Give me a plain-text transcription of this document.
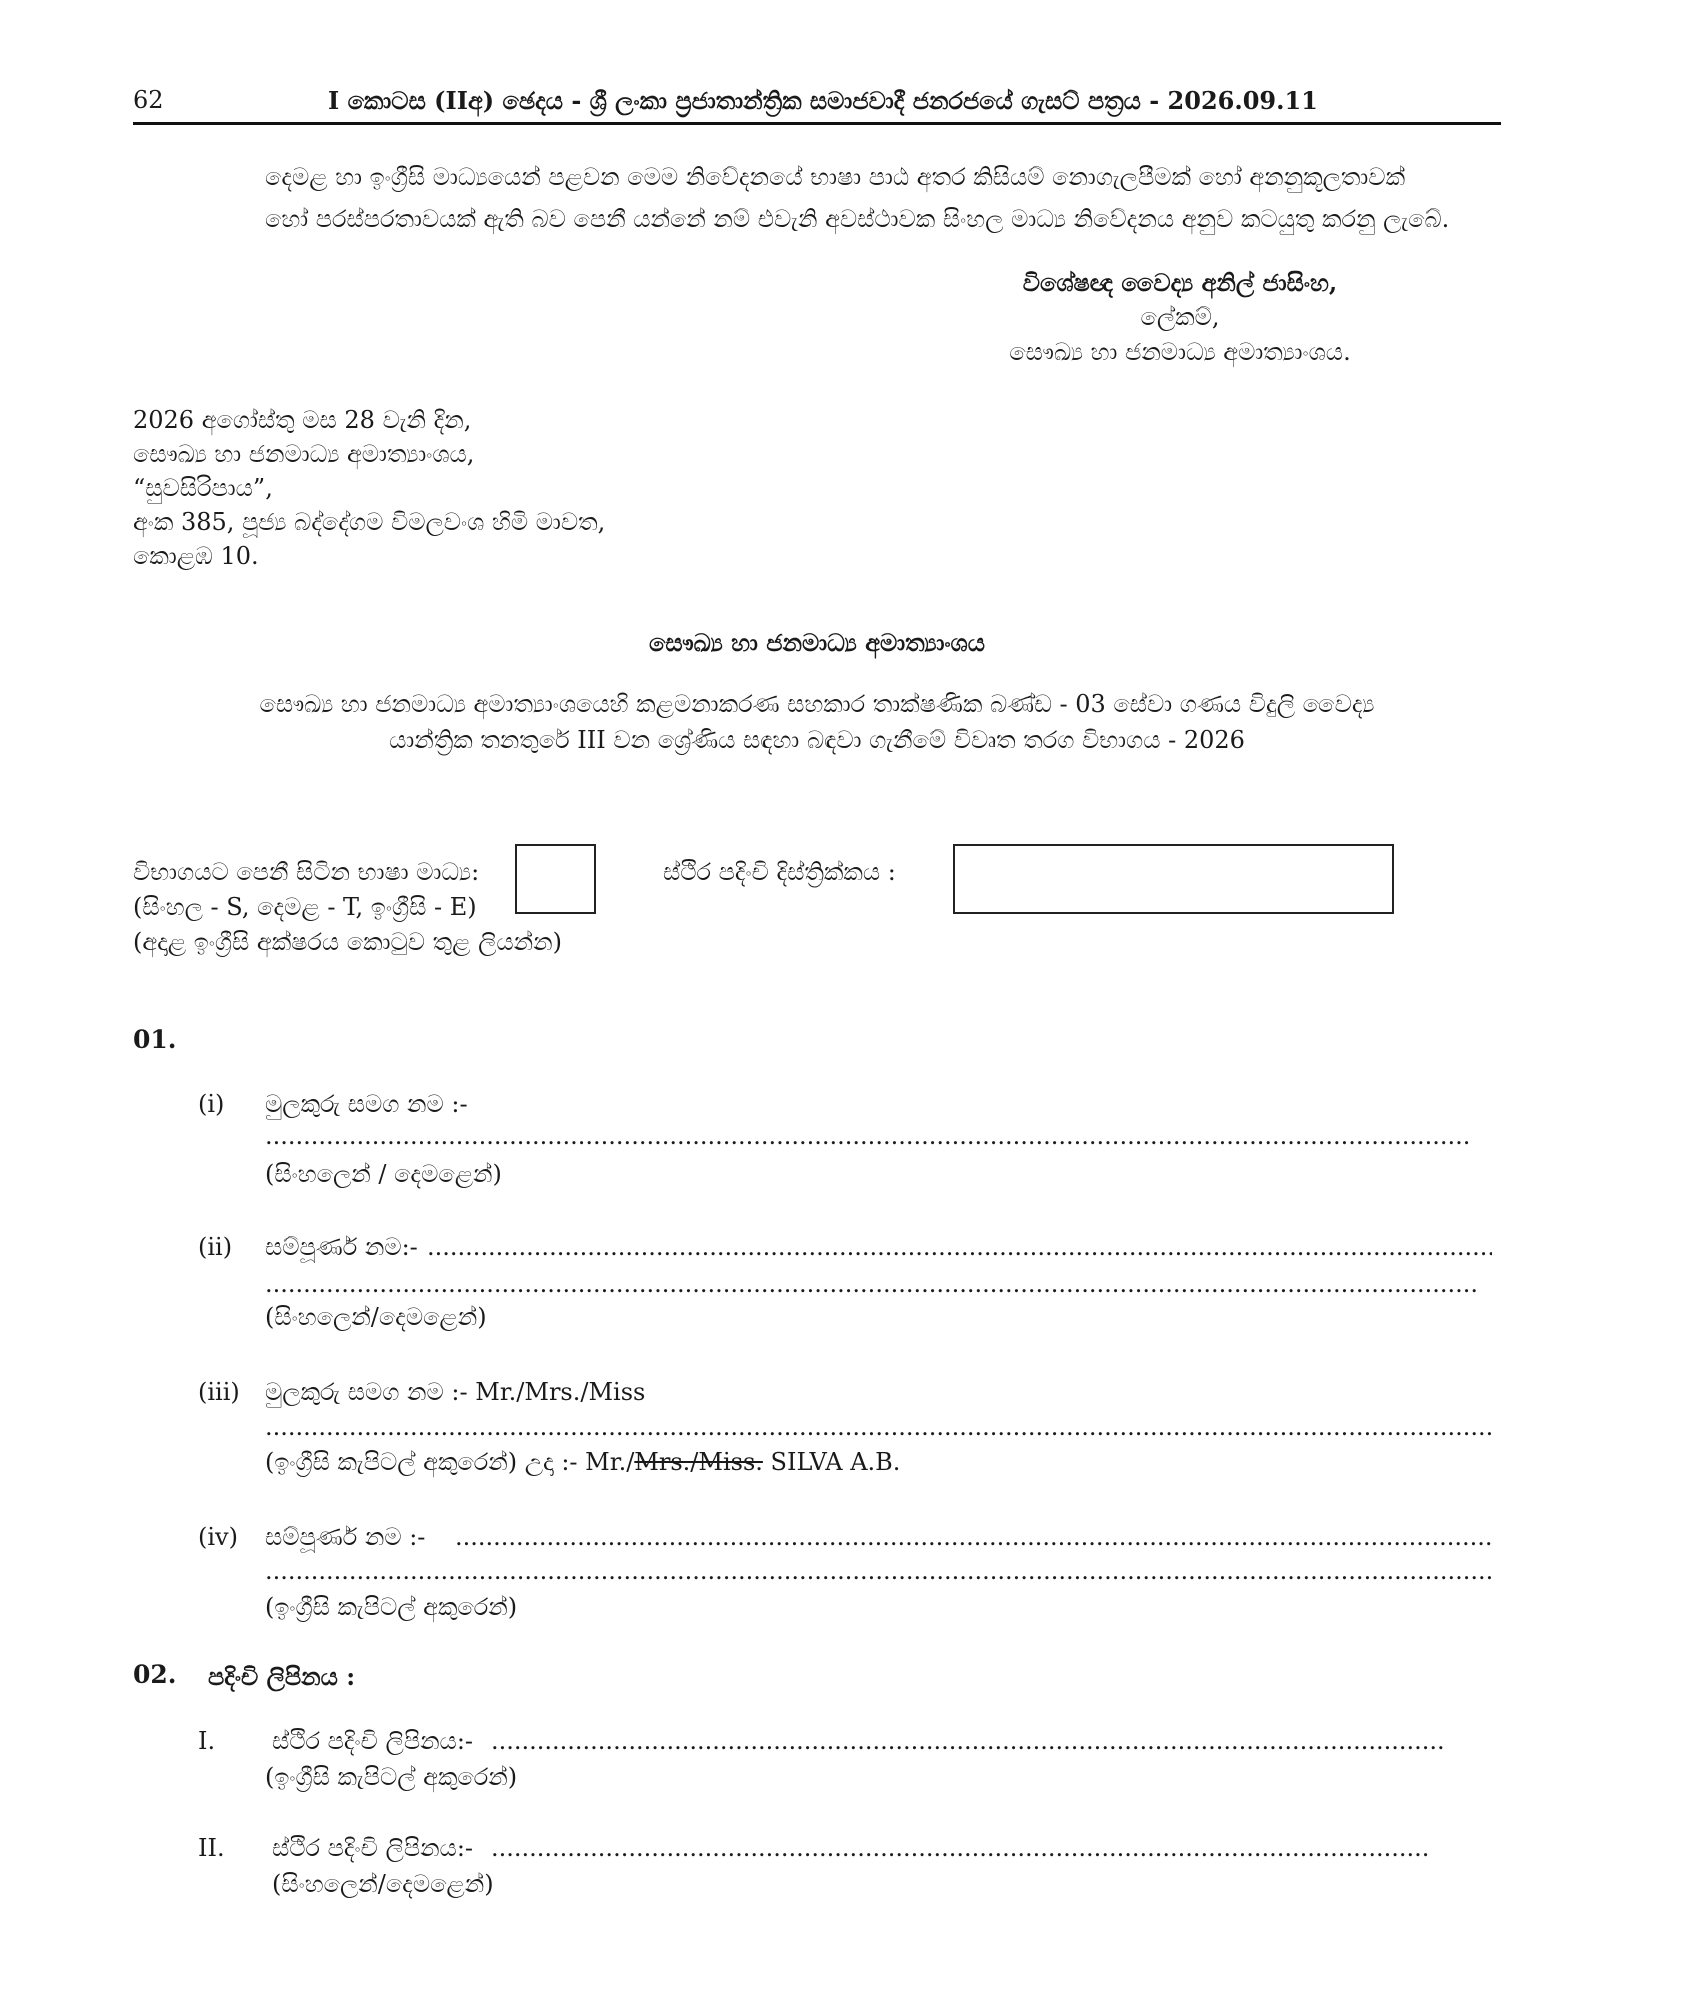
62	I කොටස (IIඅ) ඡෙදය - ශ්‍රී ලංකා ප්‍රජාතාන්ත්‍රික සමාජවාදී ජනරජයේ ගැසට් පත්‍රය - 2026.09.11
දෙමළ හා ඉංග්‍රීසි මාධ්‍යයෙන් පළවන මෙම නිවේදනයේ භාෂා පාඨ අතර කිසියම් නොගැලපීමක් හෝ අනනුකූලතාවක්
හෝ පරස්පරතාවයක් ඇති බව පෙනී යන්නේ නම් එවැනි අවස්ථාවක සිංහල මාධ්‍ය නිවේදනය අනුව කටයුතු කරනු ලැබේ.
විශේෂඥ වෛද්‍ය අනිල් ජාසිංහ,
ලේකම්,
සෞඛ්‍ය හා ජනමාධ්‍ය අමාත්‍යාංශය.
2026 අගෝස්තු මස 28 වැනි දින,
සෞඛ්‍ය හා ජනමාධ්‍ය අමාත්‍යාංශය,
“සුවසිරිපාය”,
අංක 385, පූජ්‍ය බද්දේගම විමලවංශ හිමි මාවත,
කොළඹ 10.
සෞඛ්‍ය හා ජනමාධ්‍ය අමාත්‍යාංශය
සෞඛ්‍ය හා ජනමාධ්‍ය අමාත්‍යාංශයෙහි කළමනාකරණ සහකාර තාක්ෂණික බණ්ඩ - 03 සේවා ගණය විදුලි වෛද්‍ය
යාන්ත්‍රික තනතුරේ III වන ශ්‍රේණිය සඳහා බඳවා ගැනීමේ විවෘත තරග විභාගය - 2026
විභාගයට පෙනී සිටින භාෂා මාධ්‍ය:
(සිංහල - S, දෙමළ - T, ඉංග්‍රීසි - E)
(අදාළ ඉංග්‍රීසි අක්ෂරය කොටුව තුළ ලියන්න)
ස්ථිර පදිංචි දිස්ත්‍රික්කය :
01.
(i) මුලකුරු සමග නම :-
.....
(සිංහලෙන් / දෙමළෙන්)
(ii) සම්පූර්ණ නම:-
.....
.....
(සිංහලෙන්/දෙමළෙන්)
(iii) මුලකුරු සමග නම :- Mr./Mrs./Miss
.....
(ඉංග්‍රීසි කැපිටල් අකුරෙන්) උදා :- Mr./Mrs./Miss. SILVA A.B.
(iv) සම්පූර්ණ නම :-
.....
.....
(ඉංග්‍රීසි කැපිටල් අකුරෙන්)
02. පදිංචි ලිපිනය :
I. ස්ථිර පදිංචි ලිපිනය:-
.....
(ඉංග්‍රීසි කැපිටල් අකුරෙන්)
II. ස්ථිර පදිංචි ලිපිනය:-
.....
(සිංහලෙන්/දෙමළෙන්)
